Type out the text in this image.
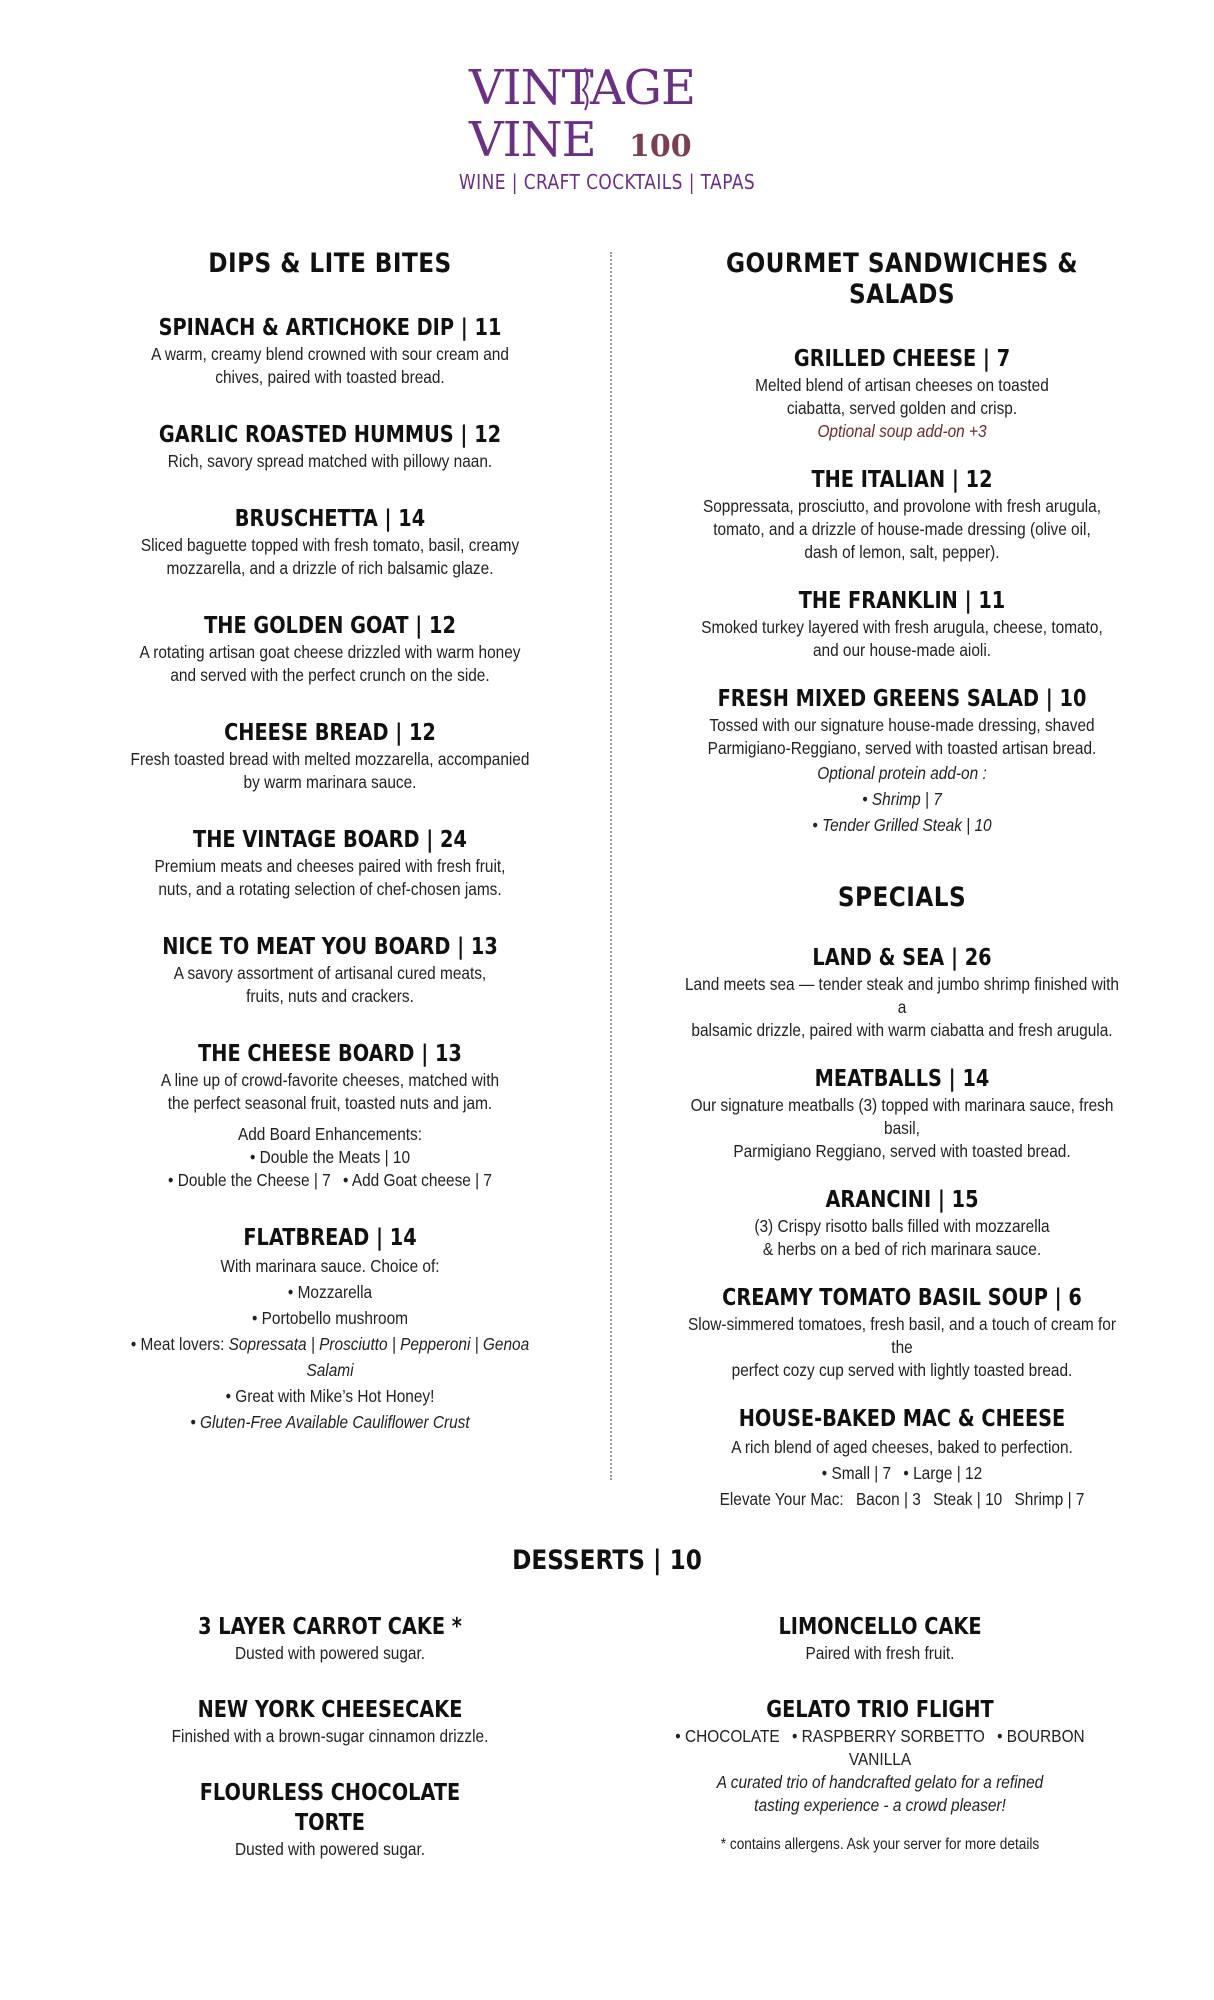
VINTAGE
VINE 100
WINE | CRAFT COCKTAILS | TAPAS
DIPS & LITE BITES
SPINACH & ARTICHOKE DIP | 11
A warm, creamy blend crowned with sour cream and
chives, paired with toasted bread.
GARLIC ROASTED HUMMUS | 12
Rich, savory spread matched with pillowy naan.
BRUSCHETTA | 14
Sliced baguette topped with fresh tomato, basil, creamy
mozzarella, and a drizzle of rich balsamic glaze.
THE GOLDEN GOAT | 12
A rotating artisan goat cheese drizzled with warm honey
and served with the perfect crunch on the side.
CHEESE BREAD | 12
Fresh toasted bread with melted mozzarella, accompanied
by warm marinara sauce.
THE VINTAGE BOARD | 24
Premium meats and cheeses paired with fresh fruit,
nuts, and a rotating selection of chef-chosen jams.
NICE TO MEAT YOU BOARD | 13
A savory assortment of artisanal cured meats,
fruits, nuts and crackers.
THE CHEESE BOARD | 13
A line up of crowd-favorite cheeses, matched with
the perfect seasonal fruit, toasted nuts and jam.
Add Board Enhancements:
• Double the Meats | 10
• Double the Cheese | 7 • Add Goat cheese | 7
FLATBREAD | 14
With marinara sauce. Choice of:
• Mozzarella
• Portobello mushroom
• Meat lovers: Sopressata | Prosciutto | Pepperoni | Genoa Salami
• Great with Mike’s Hot Honey!
• Gluten-Free Available Cauliflower Crust
GOURMET SANDWICHES & SALADS
GRILLED CHEESE | 7
Melted blend of artisan cheeses on toasted
ciabatta, served golden and crisp.
Optional soup add-on +3
THE ITALIAN | 12
Soppressata, prosciutto, and provolone with fresh arugula,
tomato, and a drizzle of house-made dressing (olive oil,
dash of lemon, salt, pepper).
THE FRANKLIN | 11
Smoked turkey layered with fresh arugula, cheese, tomato,
and our house-made aioli.
FRESH MIXED GREENS SALAD | 10
Tossed with our signature house-made dressing, shaved
Parmigiano-Reggiano, served with toasted artisan bread.
Optional protein add-on :
• Shrimp | 7
• Tender Grilled Steak | 10
SPECIALS
LAND & SEA | 26
Land meets sea — tender steak and jumbo shrimp finished with a
balsamic drizzle, paired with warm ciabatta and fresh arugula.
MEATBALLS | 14
Our signature meatballs (3) topped with marinara sauce, fresh basil,
Parmigiano Reggiano, served with toasted bread.
ARANCINI | 15
(3) Crispy risotto balls filled with mozzarella
& herbs on a bed of rich marinara sauce.
CREAMY TOMATO BASIL SOUP | 6
Slow-simmered tomatoes, fresh basil, and a touch of cream for the
perfect cozy cup served with lightly toasted bread.
HOUSE-BAKED MAC & CHEESE
A rich blend of aged cheeses, baked to perfection.
• Small | 7 • Large | 12
Elevate Your Mac: Bacon | 3 Steak | 10 Shrimp | 7
DESSERTS | 10
3 LAYER CARROT CAKE *
Dusted with powered sugar.
NEW YORK CHEESECAKE
Finished with a brown-sugar cinnamon drizzle.
FLOURLESS CHOCOLATE TORTE
Dusted with powered sugar.
LIMONCELLO CAKE
Paired with fresh fruit.
GELATO TRIO FLIGHT
• CHOCOLATE • RASPBERRY SORBETTO • BOURBON VANILLA
A curated trio of handcrafted gelato for a refined
tasting experience - a crowd pleaser!
* contains allergens. Ask your server for more details
